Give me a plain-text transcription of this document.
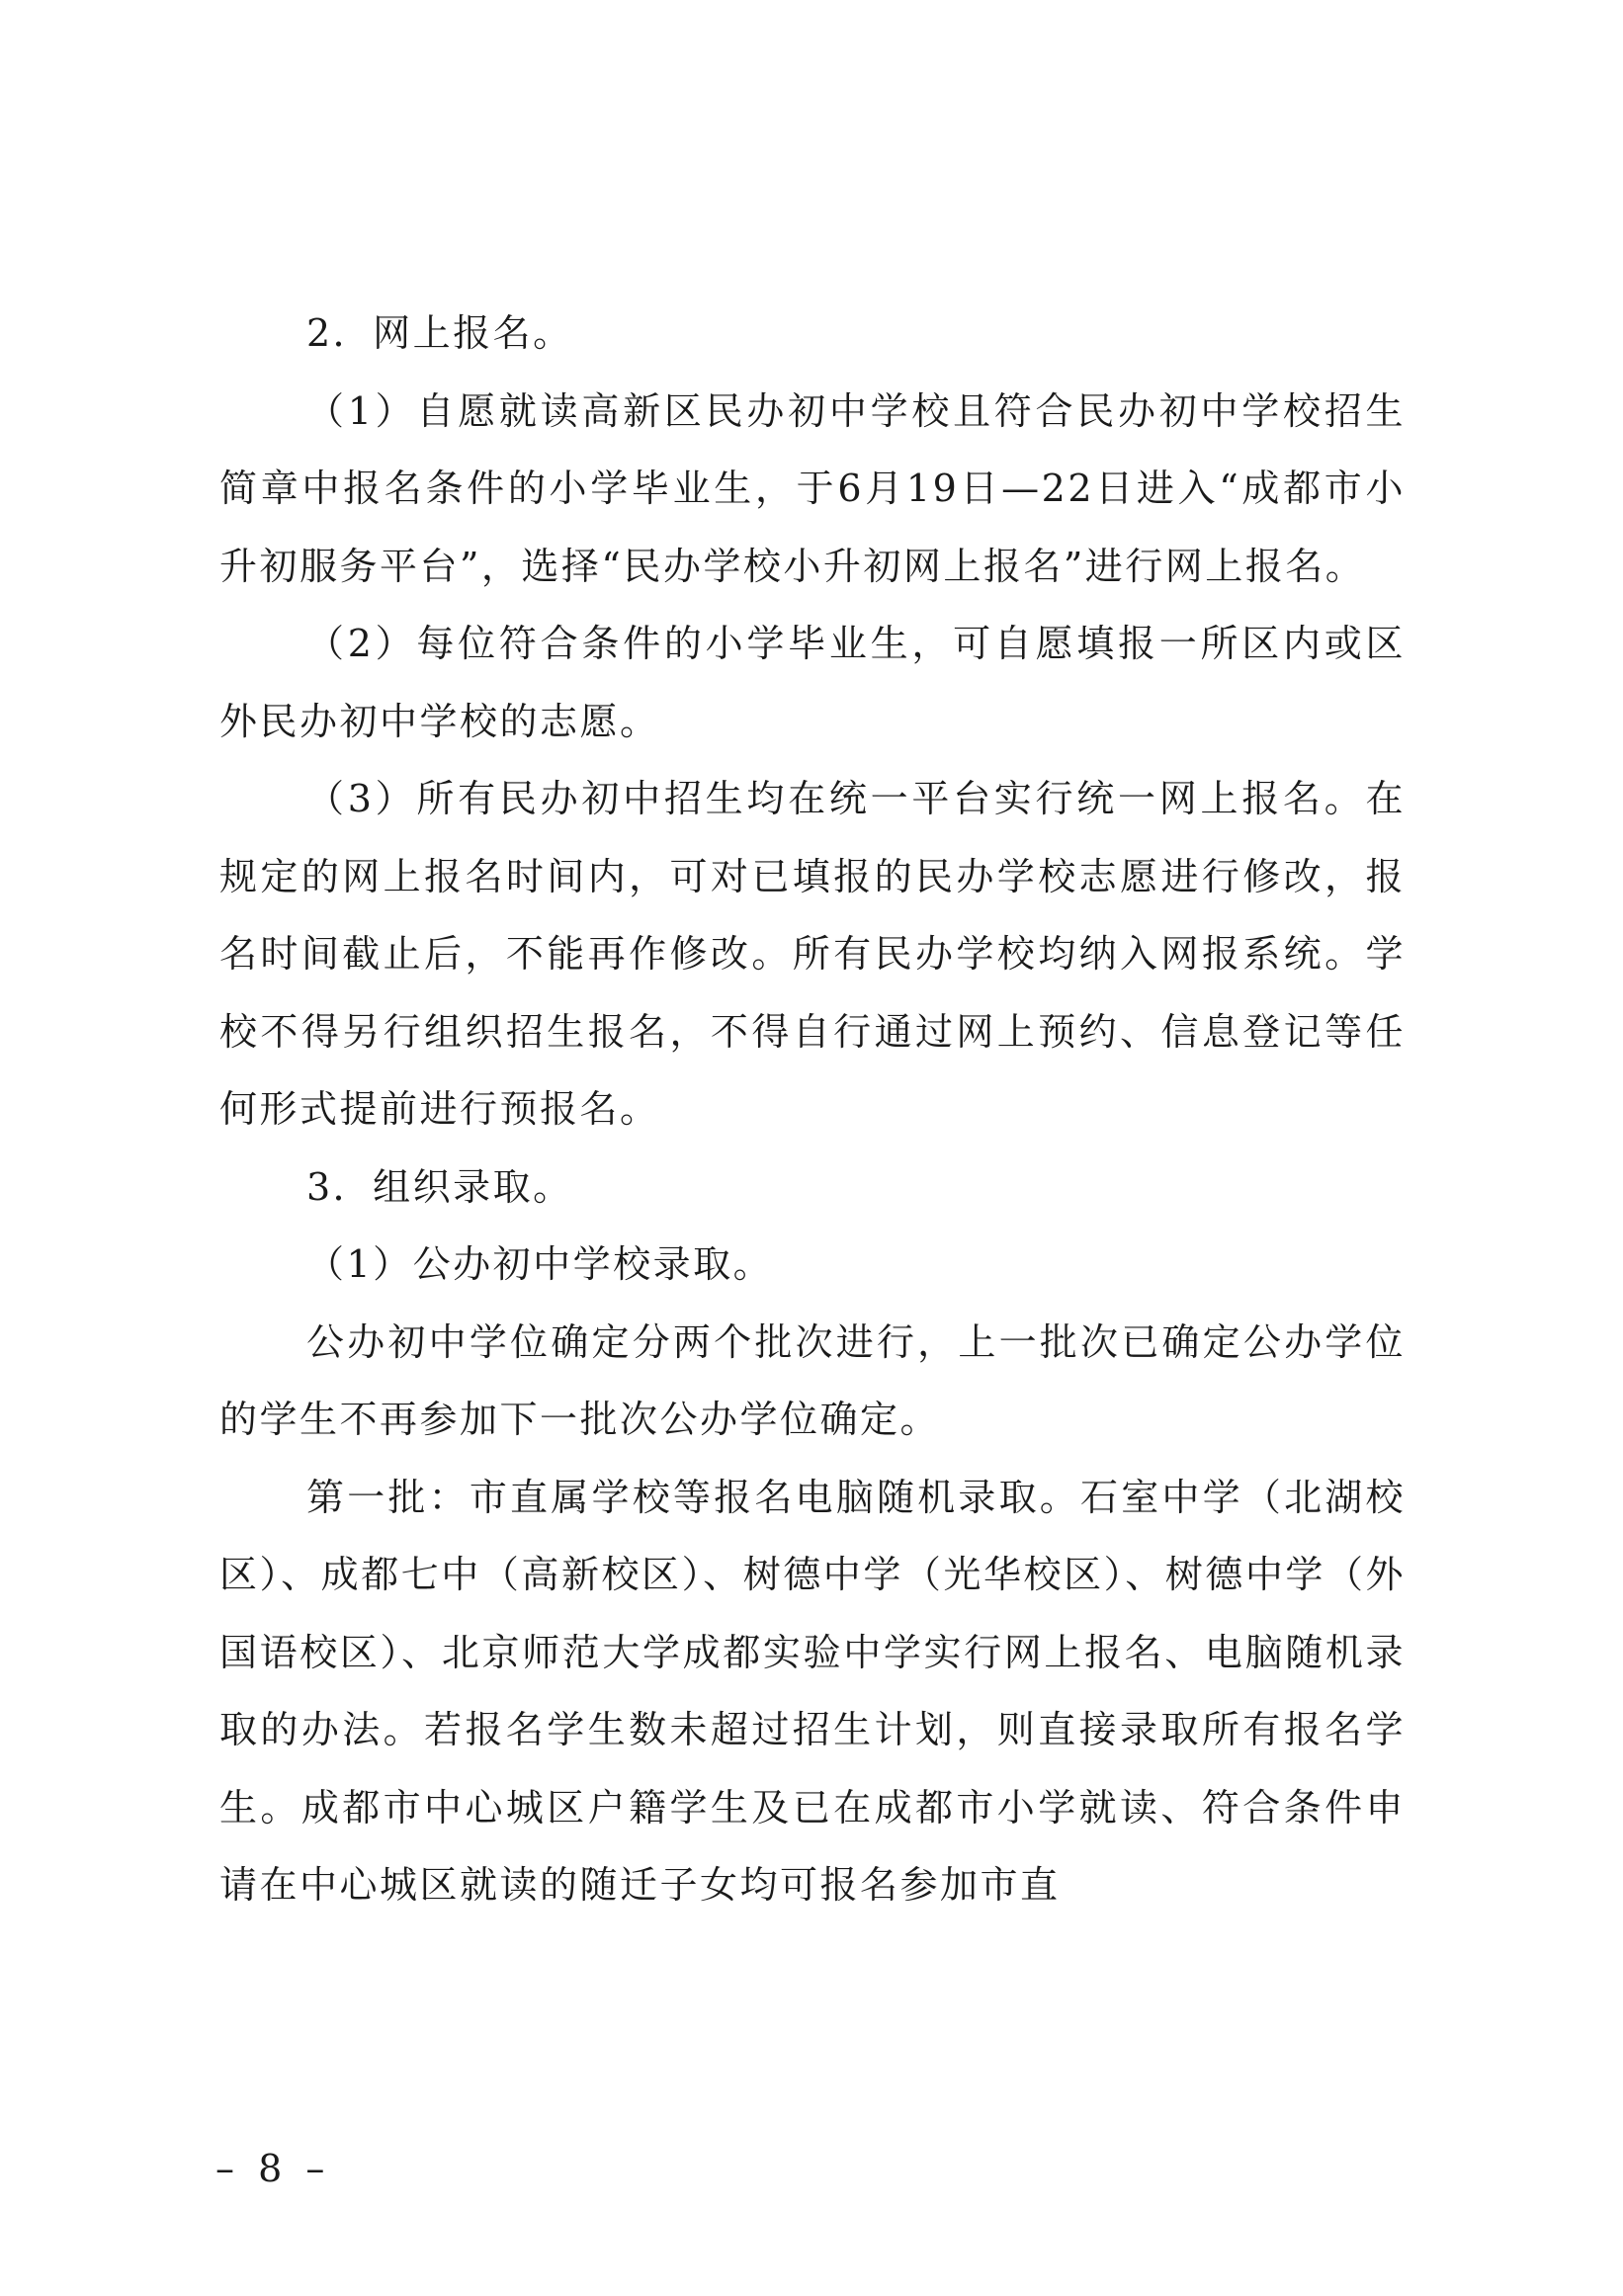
2．网上报名。

（1）自愿就读高新区民办初中学校且符合民办初中学校招生简章中报名条件的小学毕业生，于6月19日—22日进入“成都市小升初服务平台”，选择“民办学校小升初网上报名”进行网上报名。

（2）每位符合条件的小学毕业生，可自愿填报一所区内或区外民办初中学校的志愿。

（3）所有民办初中招生均在统一平台实行统一网上报名。在规定的网上报名时间内，可对已填报的民办学校志愿进行修改，报名时间截止后，不能再作修改。所有民办学校均纳入网报系统。学校不得另行组织招生报名，不得自行通过网上预约、信息登记等任何形式提前进行预报名。

3．组织录取。

（1）公办初中学校录取。

公办初中学位确定分两个批次进行，上一批次已确定公办学位的学生不再参加下一批次公办学位确定。

第一批：市直属学校等报名电脑随机录取。石室中学（北湖校区）、成都七中（高新校区）、树德中学（光华校区）、树德中学（外国语校区）、北京师范大学成都实验中学实行网上报名、电脑随机录取的办法。若报名学生数未超过招生计划，则直接录取所有报名学生。成都市中心城区户籍学生及已在成都市小学就读、符合条件申请在中心城区就读的随迁子女均可报名参加市直

– 8 –
